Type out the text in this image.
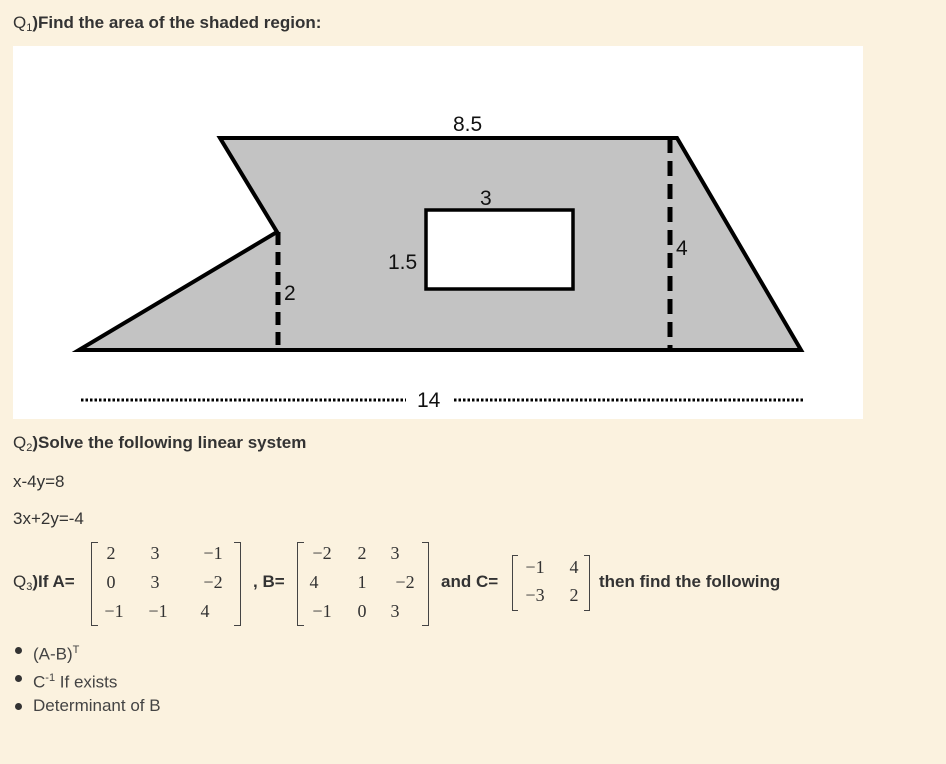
Q1)Find the area of the shaded region:
8.5
3
1.5
4
2
14
Q2)Solve the following linear system
x-4y=8
3x+2y=-4
Q3)If A=
2	3	−1
0	3	−2
−1	−1	4
, B=
−2	2	3
4	1	−2
−1	0	3
and C=
−1	4
−3	2
then find the following
$(A-B)^T$
$C^{-1}$ If exists
Determinant of B
